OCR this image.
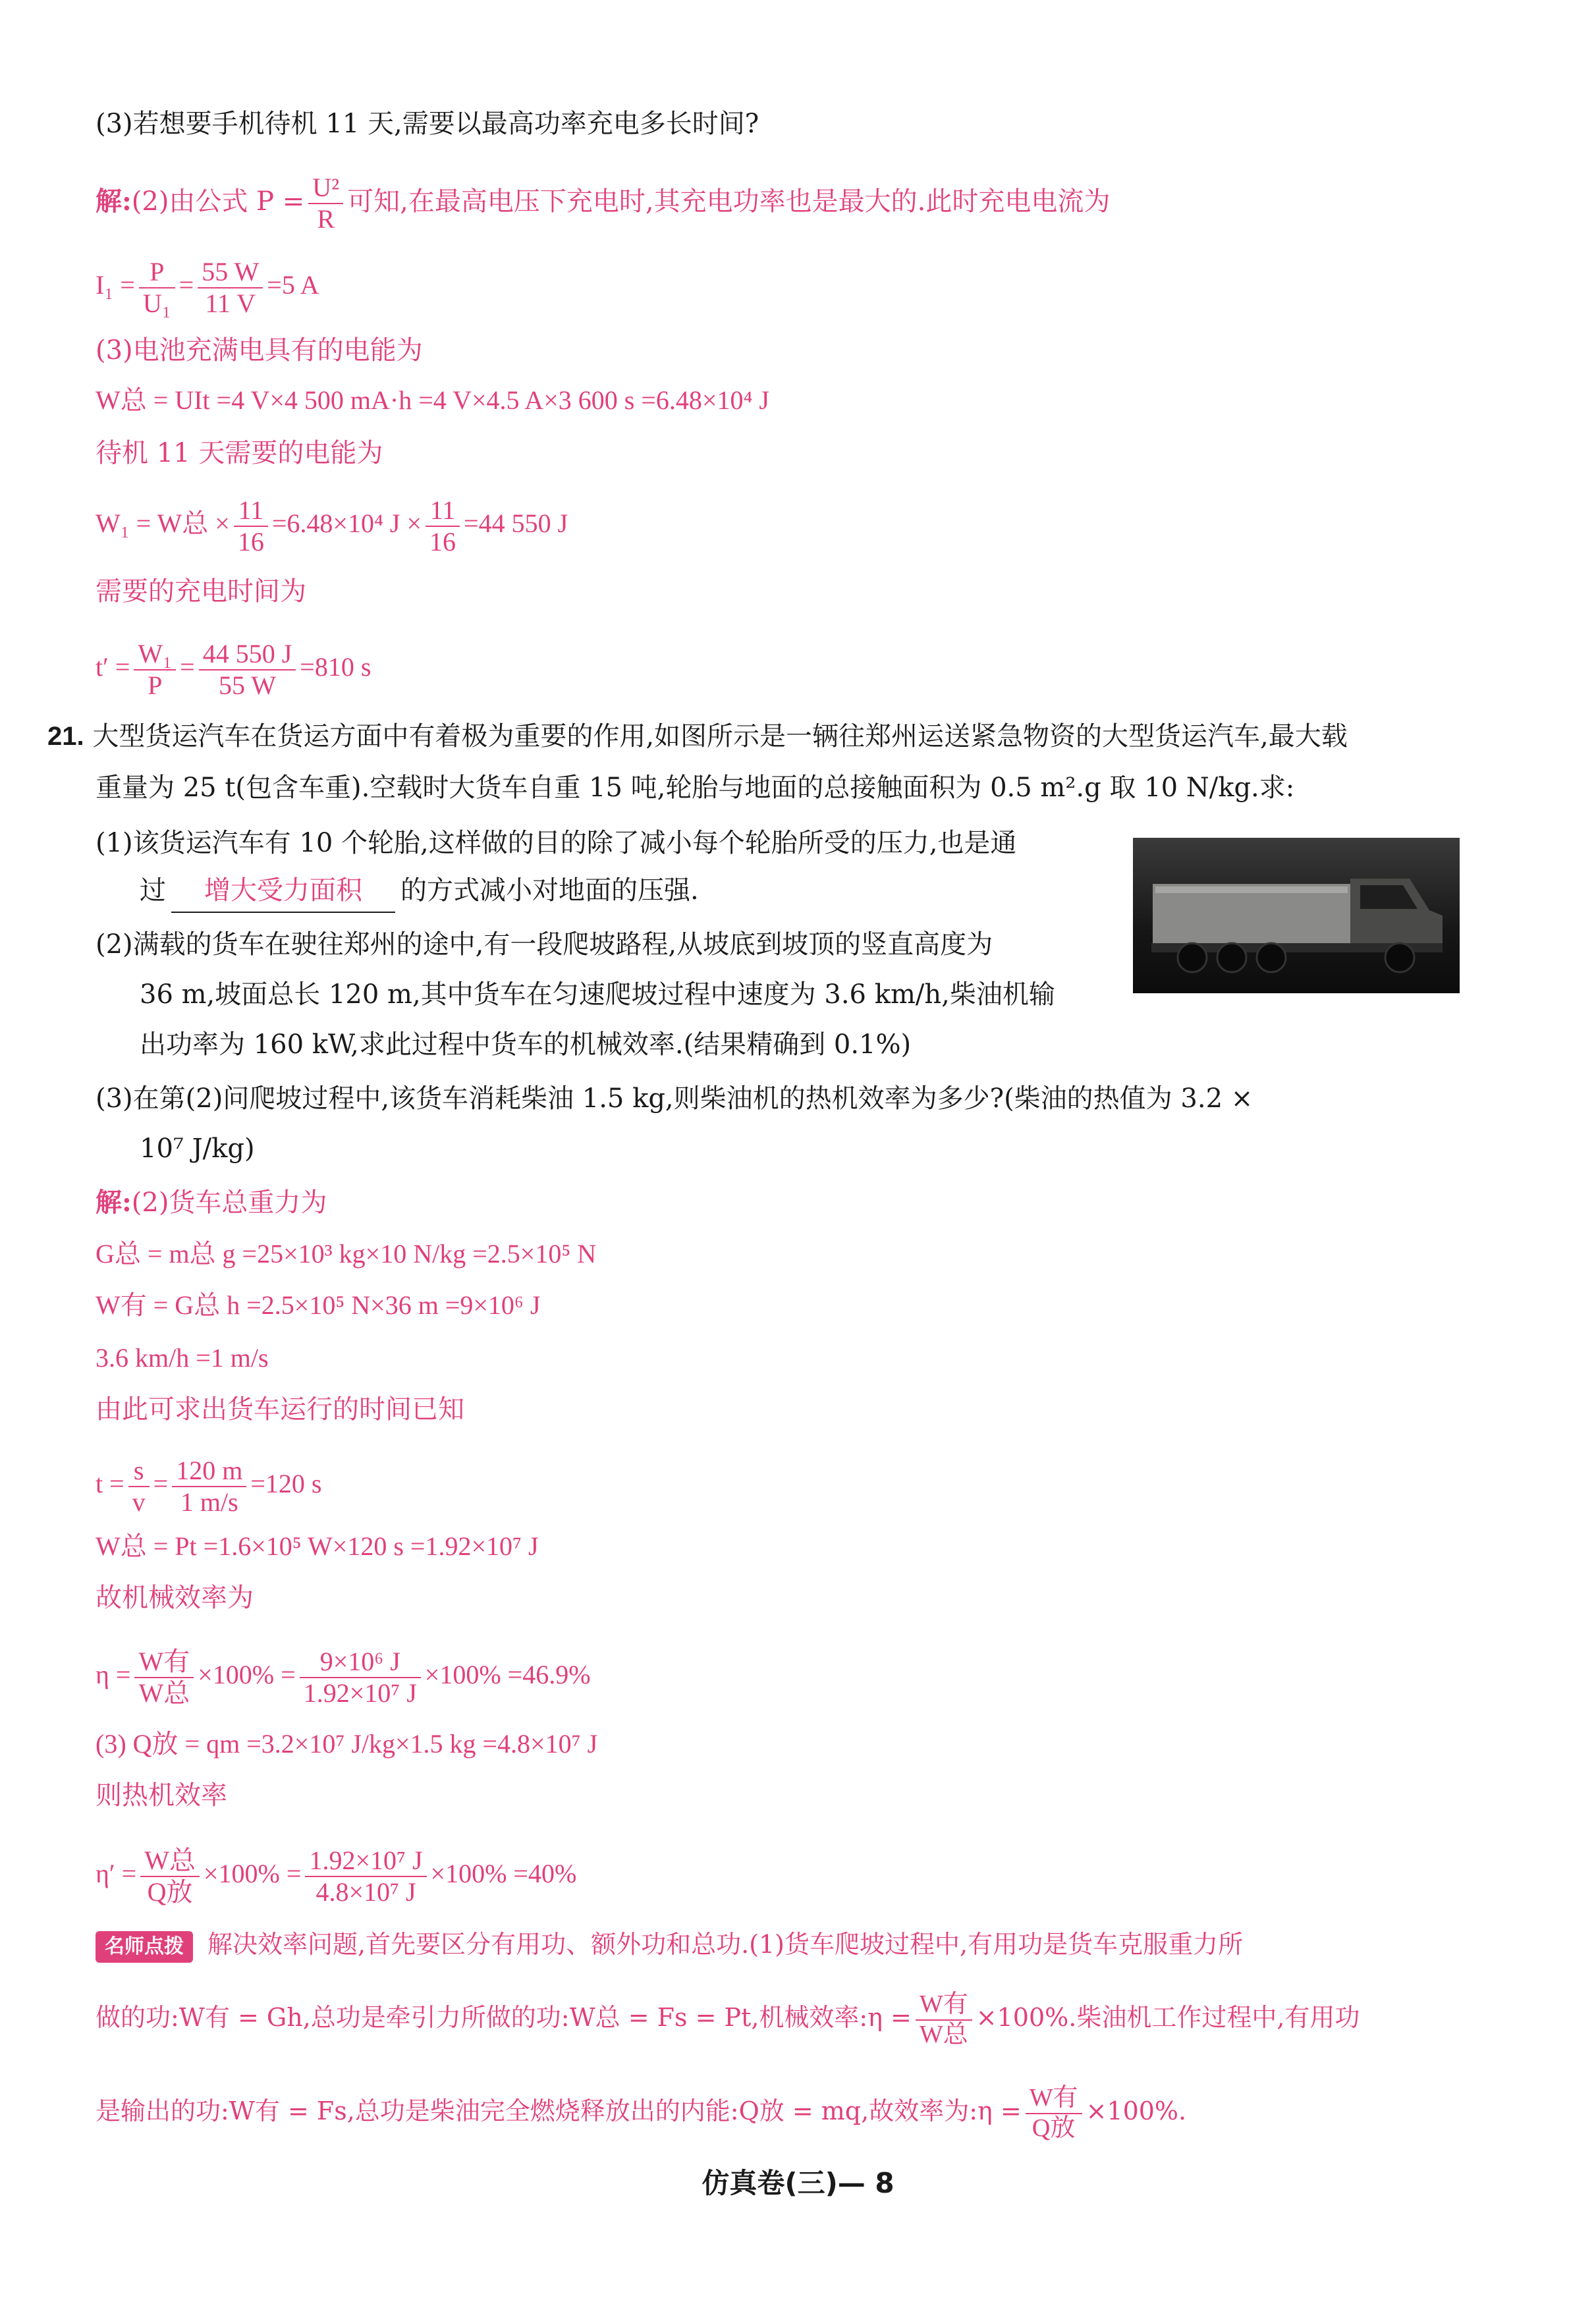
(3)若想要手机待机 11 天,需要以最高功率充电多长时间?
解:(2)由公式 $P = \frac{\text{U²}}{R}$ 可知,在最高电压下充电时,其充电功率也是最大的.此时充电电流为
$I_1 = \frac{P}{\text{U₁}} = \frac{55 W}{11 V} =5$ A
(3)电池充满电具有的电能为
W总 = UIt =4 V×4 500 mA·h =4 V×4.5 A×3 600 s =6.48×10⁴ J
待机 11 天需要的电能为
W₁ = W总 × $\frac{11}{16} =6.48\times 10^4$ $J \times \frac{11}{16} =44$ 550 J
需要的充电时间为
$t' = \frac{\text{W₁}}{P} = \frac{44 550 J}{55 W} =810$ s
21. 大型货运汽车在货运方面中有着极为重要的作用,如图所示是一辆往郑州运送紧急物资的大型货运汽车,最大载
重量为 25 t(包含车重).空载时大货车自重 15 吨,轮胎与地面的总接触面积为 0.5 m².g 取 10 N/kg.求:
(1)该货运汽车有 10 个轮胎,这样做的目的除了减小每个轮胎所受的压力,也是通
过 增大受力面积 的方式减小对地面的压强.
(2)满载的货车在驶往郑州的途中,有一段爬坡路程,从坡底到坡顶的竖直高度为
36 m,坡面总长 120 m,其中货车在匀速爬坡过程中速度为 3.6 km/h,柴油机输
出功率为 160 kW,求此过程中货车的机械效率.(结果精确到 0.1%)
(3)在第(2)问爬坡过程中,该货车消耗柴油 1.5 kg,则柴油机的热机效率为多少?(柴油的热值为 3.2 ×
10⁷ J/kg)
解:(2)货车总重力为
G总 = m总 g =25×10³ kg×10 N/kg =2.5×10⁵ N
W有 = G总 h =2.5×10⁵ N×36 m =9×10⁶ J
3.6 km/h =1 m/s
由此可求出货车运行的时间已知
$t = \frac{s}{v} = \frac{120 m}{1 m/s} =120$ s
W总 = Pt =1.6×10⁵ W×120 s =1.92×10⁷ J
故机械效率为
$\eta = \frac{\text{W有}}{\text{W总}} \times 100\% = \frac{\text{9×10⁶ J}}{\text{1.92×10⁷ J}} \times 100\% =46.9\%$
(3) Q放 = qm =3.2×10⁷ J/kg×1.5 kg =4.8×10⁷ J
则热机效率
$\eta' = \frac{\text{W总}}{\text{Q放}} \times 100\% = \frac{\text{1.92×10⁷ J}}{\text{4.8×10⁷ J}} \times 100\% =40\%$
名师点拨 解决效率问题,首先要区分有用功、额外功和总功.(1)货车爬坡过程中,有用功是货车克服重力所
做的功:W有 = Gh,总功是牵引力所做的功:W总 = Fs = Pt,机械效率:η = $\frac{\text{W有}}{\text{W总}} \times 100\%$.柴油机工作过程中,有用功
是输出的功:W有 = Fs,总功是柴油完全燃烧释放出的内能:Q放 = mq,故效率为:η = $\frac{\text{W有}}{\text{Q放}} \times 100\%$.
仿真卷(三)— 8
